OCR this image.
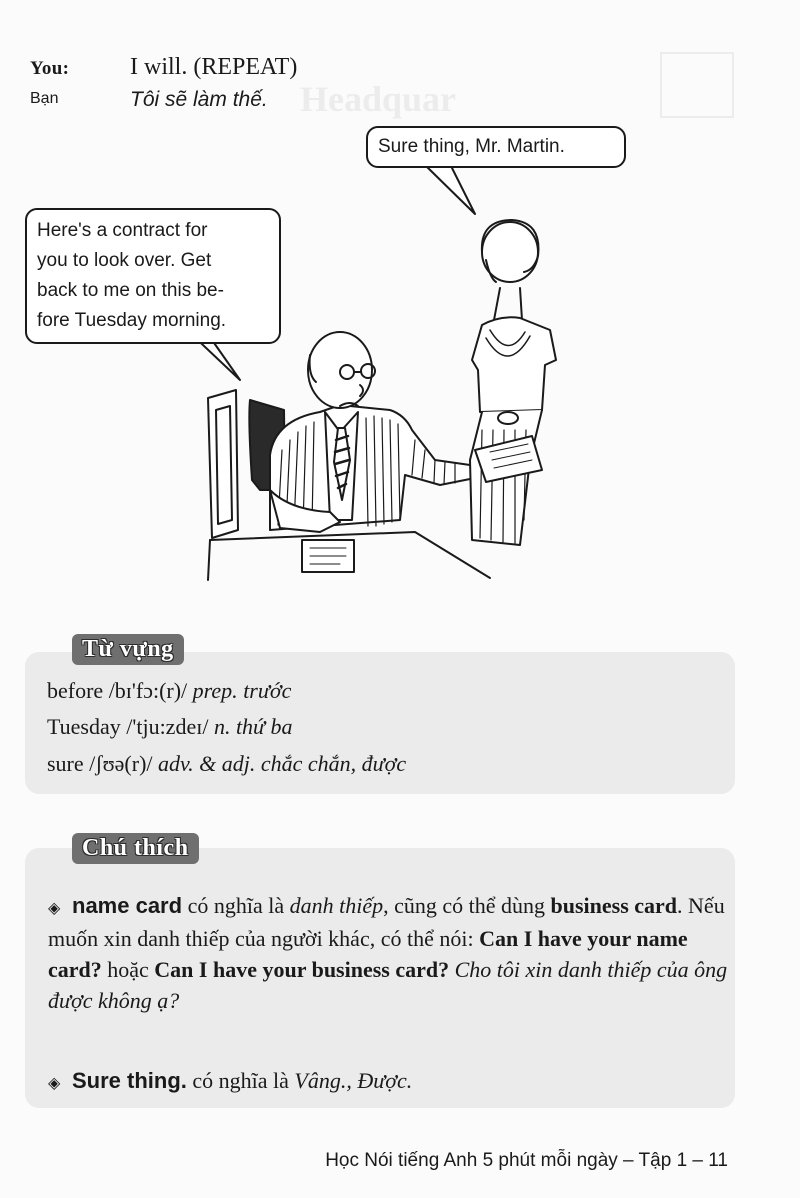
Headquar
You:	I will. (REPEAT)
Bạn	Tôi sẽ làm thế.
Sure thing, Mr. Martin.
Here's a contract for
you to look over. Get
back to me on this be-
fore Tuesday morning.
Từ vựng
before /bɪ'fɔ:(r)/ prep. trước
Tuesday /'tju:zdeɪ/ n. thứ ba
sure /ʃʊə(r)/ adv. & adj. chắc chắn, được
Chú thích
◈ name card có nghĩa là danh thiếp, cũng có thể dùng business card. Nếu muốn xin danh thiếp của người khác, có thể nói: Can I have your name card? hoặc Can I have your business card? Cho tôi xin danh thiếp của ông được không ạ?
◈ Sure thing. có nghĩa là Vâng., Được.
Học Nói tiếng Anh 5 phút mỗi ngày – Tập 1 – 11
